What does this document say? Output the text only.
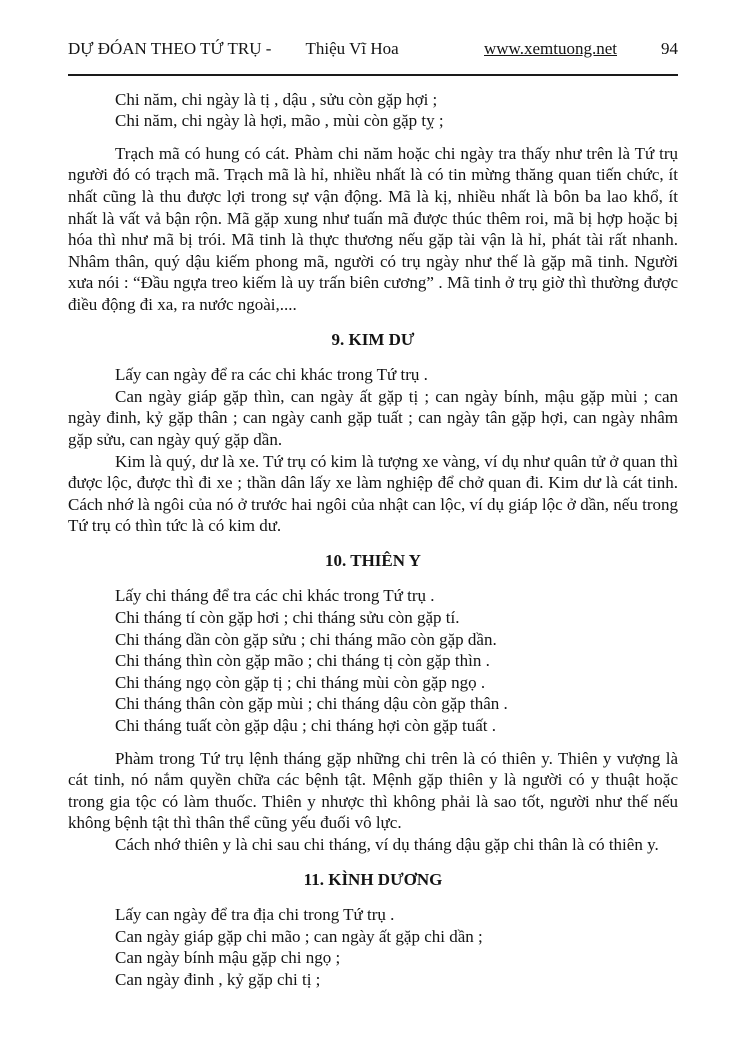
DỰ ĐÓAN THEO TỨ TRỤ -	Thiệu Vĩ Hoa	www.xemtuong.net	94
Chi năm, chi ngày là tị , dậu , sửu còn gặp hợi ;
Chi năm, chi ngày là hợi, mão , mùi còn gặp tỵ ;
Trạch mã có hung có cát. Phàm chi năm hoặc chi ngày tra thấy như trên là Tứ trụ người đó có trạch mã. Trạch mã là hỉ, nhiều nhất là có tin mừng thăng quan tiến chức, ít nhất cũng là thu được lợi trong sự vận động. Mã là kị, nhiều nhất là bôn ba lao khổ, ít nhất là vất vả bận rộn. Mã gặp xung như tuấn mã được thúc thêm roi, mã bị hợp hoặc bị hóa thì như mã bị trói. Mã tinh là thực thương nếu gặp tài vận là hỉ, phát tài rất nhanh. Nhâm thân, quý dậu kiếm phong mã, người có trụ ngày như thế là gặp mã tinh. Người xưa nói : “Đầu ngựa treo kiếm là uy trấn biên cương” . Mã tinh ở trụ giờ thì thường được điều động đi xa, ra nước ngoài,....
9. KIM DƯ
Lấy can ngày để ra các chi khác trong Tứ trụ .
Can ngày giáp gặp thìn, can ngày ất gặp tị ; can ngày bính, mậu gặp mùi ; can ngày đinh, kỷ gặp thân ; can ngày canh gặp tuất ; can ngày tân gặp hợi, can ngày nhâm gặp sửu, can ngày quý gặp dần.
Kim là quý, dư là xe. Tứ trụ có kim là tượng xe vàng, ví dụ như quân tử ở quan thì được lộc, được thì đi xe ; thần dân lấy xe làm nghiệp để chở quan đi. Kim dư là cát tinh. Cách nhớ là ngôi của nó ở trước hai ngôi của nhật can lộc, ví dụ giáp lộc ở dần, nếu trong Tứ trụ có thìn tức là có kim dư.
10. THIÊN Y
Lấy chi tháng để tra các chi khác trong Tứ trụ .
Chi tháng tí còn gặp hơi ; chi tháng sửu còn gặp tí.
Chi tháng dần còn gặp sửu ; chi tháng mão còn gặp dần.
Chi tháng thìn còn gặp mão ; chi tháng tị còn gặp thìn .
Chi tháng ngọ còn gặp tị ; chi tháng mùi còn gặp ngọ .
Chi tháng thân còn gặp mùi ; chi tháng dậu còn gặp thân .
Chi tháng tuất còn gặp dậu ; chi tháng hợi còn gặp tuất .
Phàm trong Tứ trụ lệnh tháng gặp những chi trên là có thiên y. Thiên y vượng là cát tinh, nó nắm quyền chữa các bệnh tật. Mệnh gặp thiên y là người có y thuật hoặc trong gia tộc có làm thuốc. Thiên y nhược thì không phải là sao tốt, người như thế nếu không bệnh tật thì thân thể cũng yếu đuối vô lực.
Cách nhớ thiên y là chi sau chi tháng, ví dụ tháng dậu gặp chi thân là có thiên y.
11. KÌNH DƯƠNG
Lấy can ngày để tra địa chi trong Tứ trụ .
Can ngày giáp gặp chi mão ; can ngày ất gặp chi dần ;
Can ngày bính mậu gặp chi ngọ ;
Can ngày đinh , kỷ gặp chi tị ;
